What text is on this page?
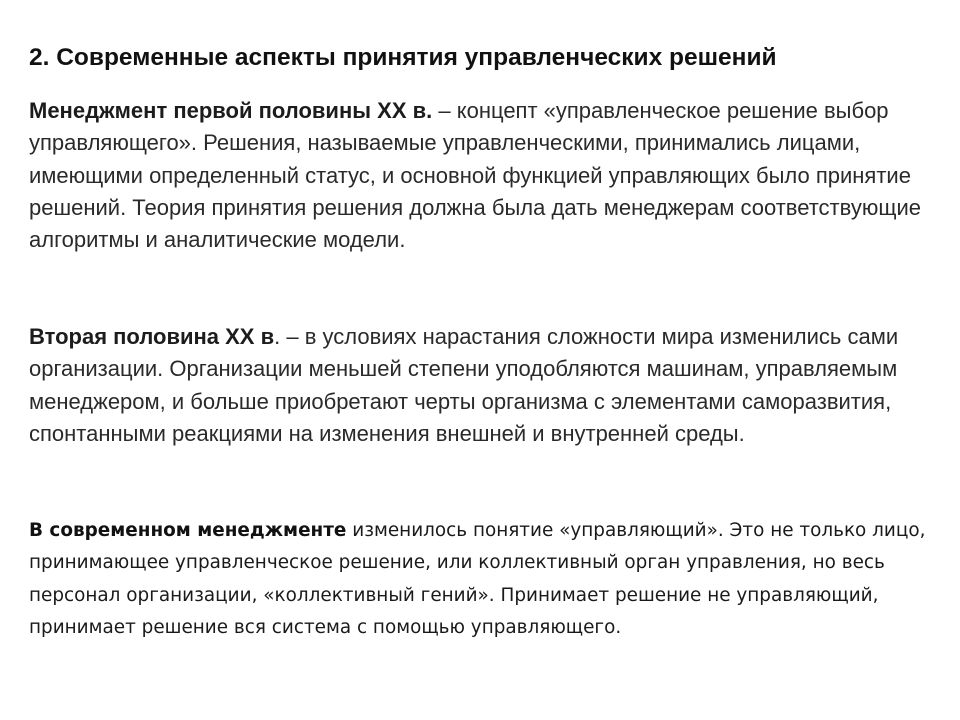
2. Современные аспекты принятия управленческих решений

Менеджмент первой половины XX в. – концепт «управленческое решение выбор управляющего». Решения, называемые управленческими, принимались лицами, имеющими определенный статус, и основной функцией управляющих было принятие решений. Теория принятия решения должна была дать менеджерам соответствующие алгоритмы и аналитические модели.

Вторая половина XX в. – в условиях нарастания сложности мира изменились сами организации. Организации меньшей степени уподобляются машинам, управляемым менеджером, и больше приобретают черты организма с элементами саморазвития, спонтанными реакциями на изменения внешней и внутренней среды.

В современном менеджменте изменилось понятие «управляющий». Это не только лицо, принимающее управленческое решение, или коллективный орган управления, но весь персонал организации, «коллективный гений». Принимает решение не управляющий, принимает решение вся система с помощью управляющего.
